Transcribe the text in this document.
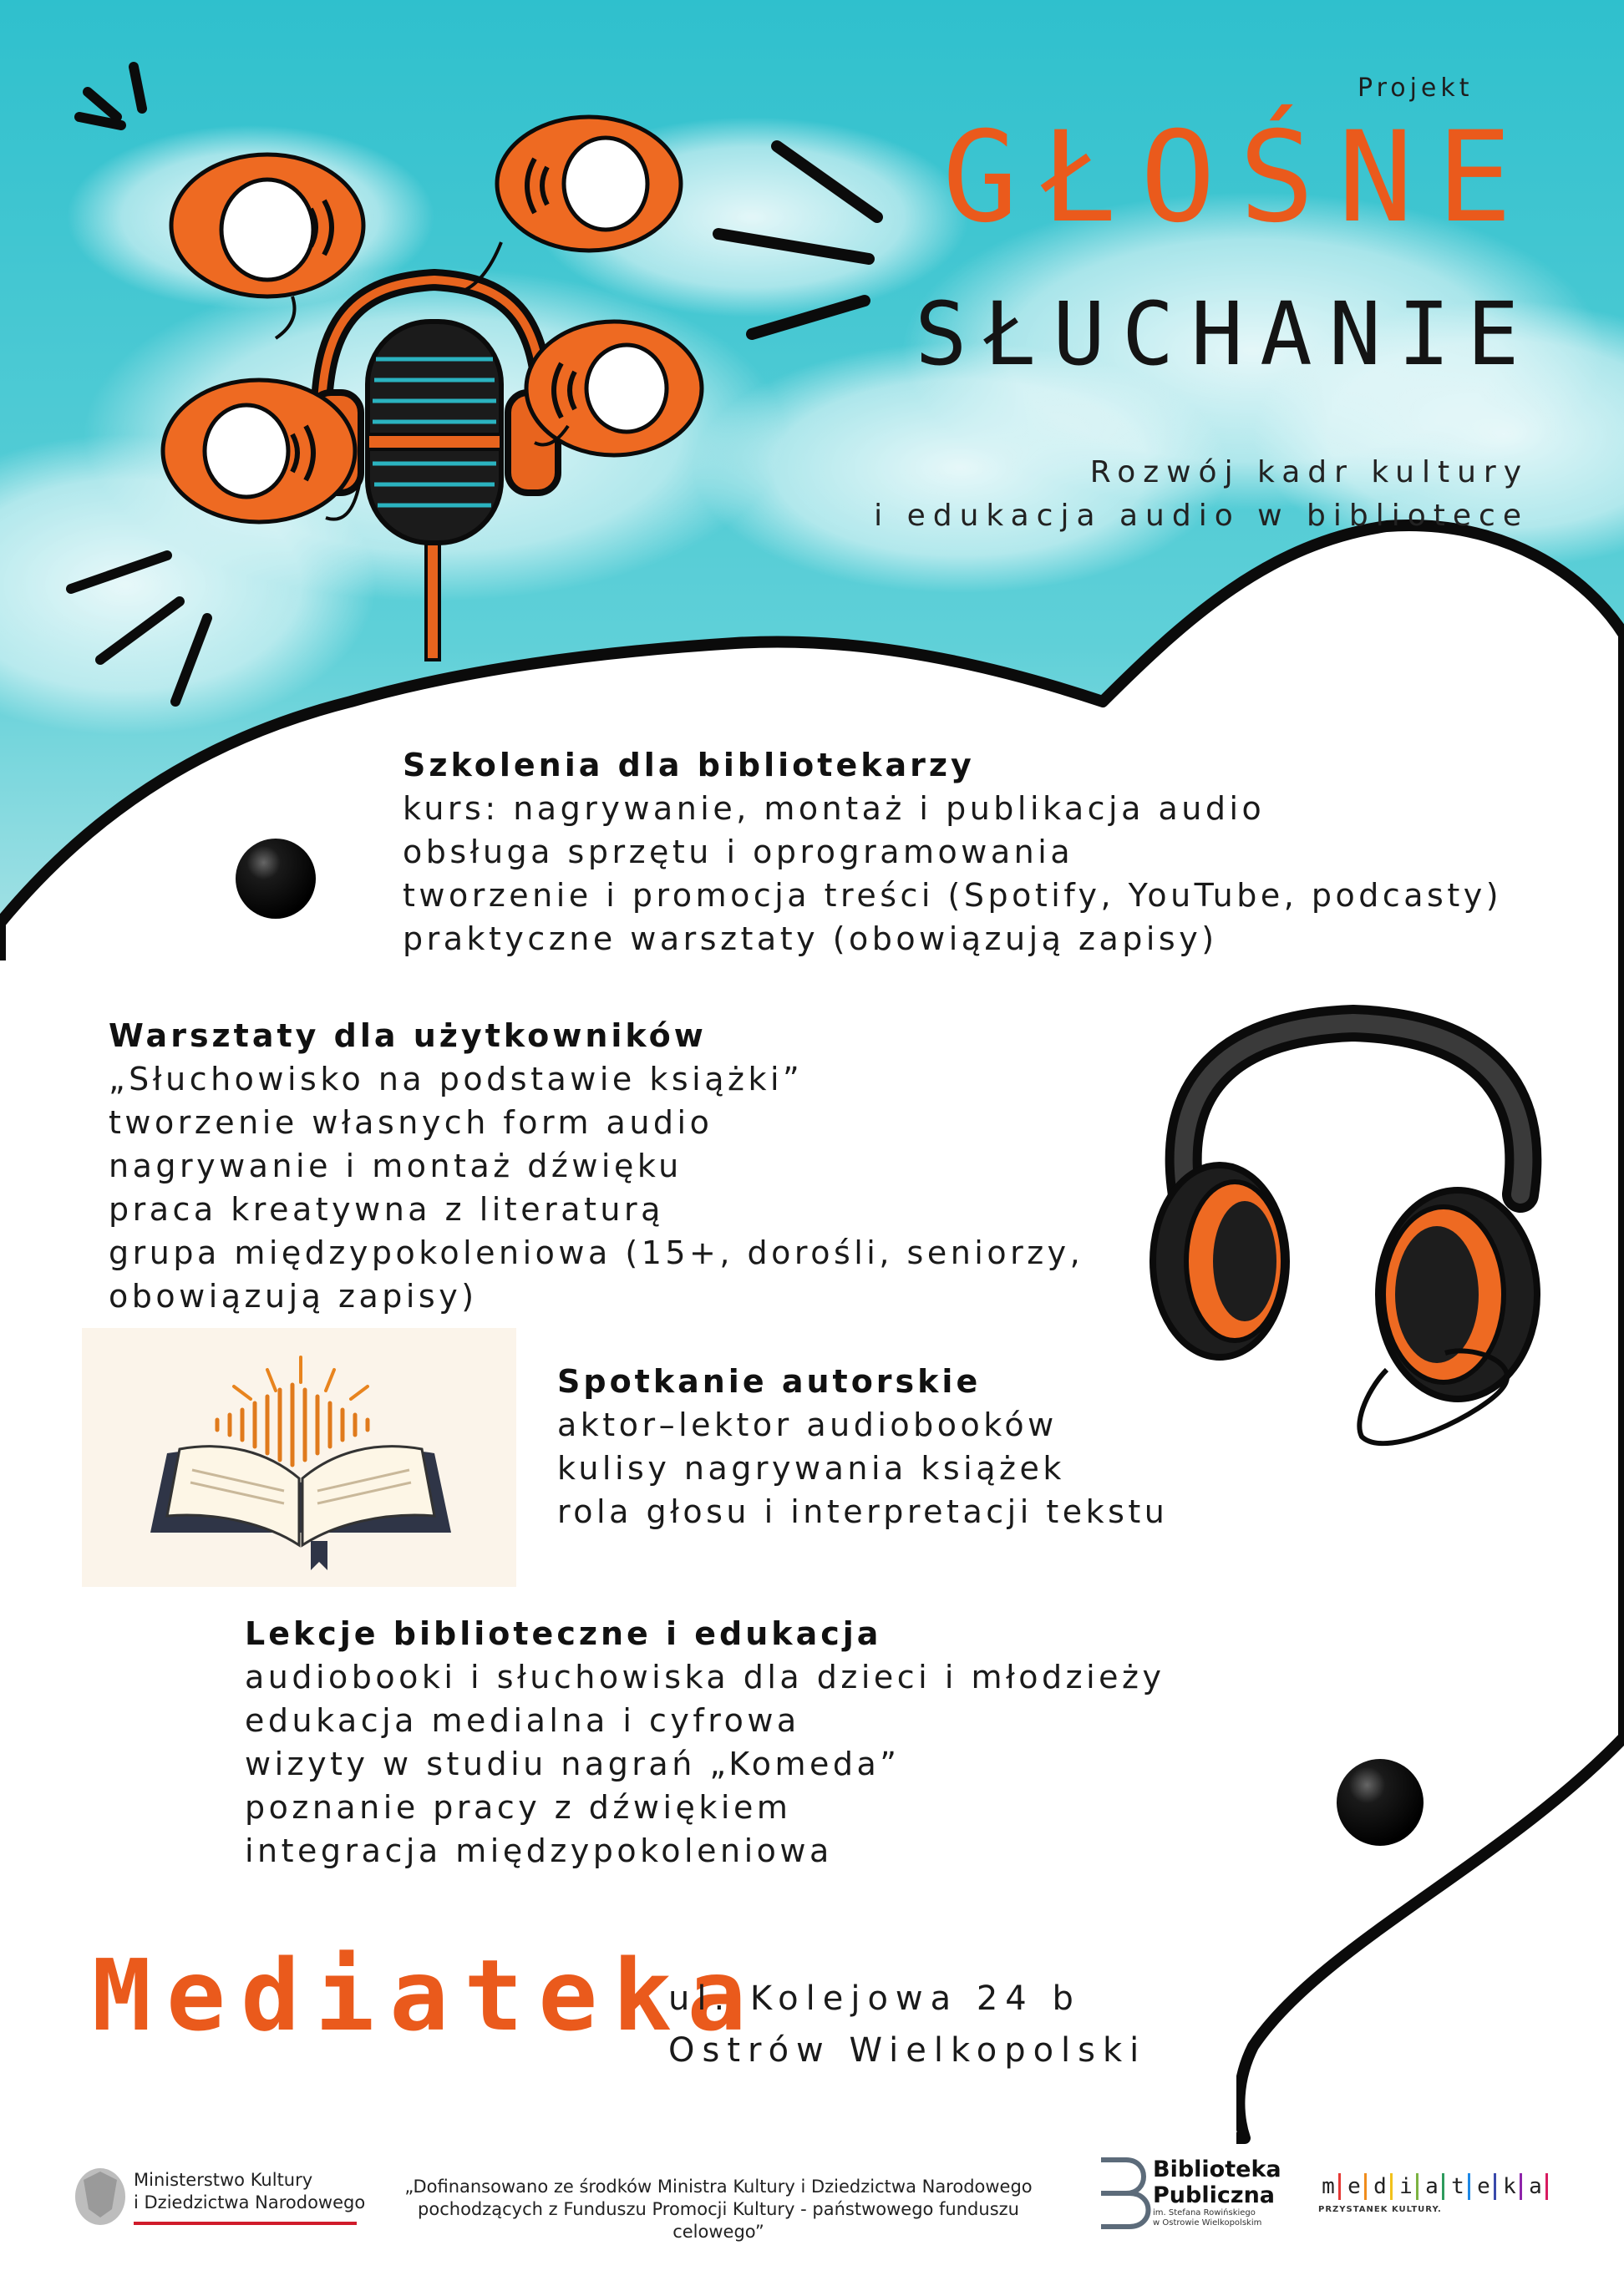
Projekt
GŁOŚNE
SŁUCHANIE
Rozwój kadr kultury
i edukacja audio w bibliotece
Szkolenia dla bibliotekarzy
kurs: nagrywanie, montaż i publikacja audio
obsługa sprzętu i oprogramowania
tworzenie i promocja treści (Spotify, YouTube, podcasty)
praktyczne warsztaty (obowiązują zapisy)
Warsztaty dla użytkowników
„Słuchowisko na podstawie książki”
tworzenie własnych form audio
nagrywanie i montaż dźwięku
praca kreatywna z literaturą
grupa międzypokoleniowa (15+, dorośli, seniorzy,
obowiązują zapisy)
Spotkanie autorskie
aktor–lektor audiobooków
kulisy nagrywania książek
rola głosu i interpretacji tekstu
Lekcje biblioteczne i edukacja
audiobooki i słuchowiska dla dzieci i młodzieży
edukacja medialna i cyfrowa
wizyty w studiu nagrań „Komeda”
poznanie pracy z dźwiękiem
integracja międzypokoleniowa
Mediateka
ul. Kolejowa 24 b
Ostrów Wielkopolski
Ministerstwo Kultury
i Dziedzictwa Narodowego
„Dofinansowano ze środków Ministra Kultury i Dziedzictwa Narodowego
pochodzących z Funduszu Promocji Kultury - państwowego funduszu celowego”
Biblioteka
Publiczna
im. Stefana Rowińskiego
w Ostrowie Wielkopolskim
m e d i a t e k a
PRZYSTANEK KULTURY.
